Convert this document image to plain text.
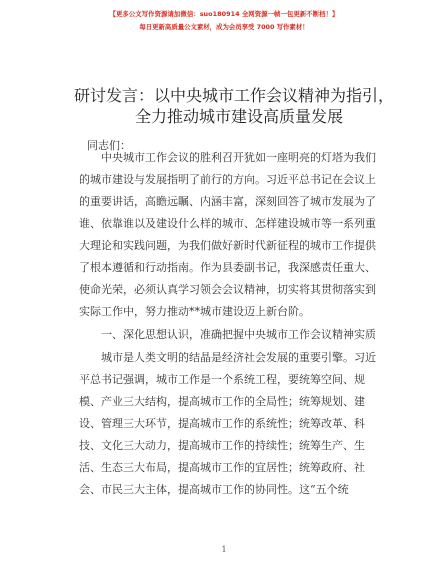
【更多公文写作资源请加微信：suo180914 全网资源一帧一包更新不断档！】
每日更新高质量公文素材，成为会员享受 7000 写作素材！
研讨发言：以中央城市工作会议精神为指引，
全力推动城市建设高质量发展
同志们：
　　中央城市工作会议的胜利召开犹如一座明亮的灯塔为我们
的城市建设与发展指明了前行的方向。习近平总书记在会议上
的重要讲话，高瞻远瞩、内涵丰富，深刻回答了城市发展为了
谁、依靠谁以及建设什么样的城市、怎样建设城市等一系列重
大理论和实践问题，为我们做好新时代新征程的城市工作提供
了根本遵循和行动指南。作为县委副书记，我深感责任重大、
使命光荣，必须认真学习领会会议精神，切实将其贯彻落实到
实际工作中，努力推动**城市建设迈上新台阶。
　　一、深化思想认识，准确把握中央城市工作会议精神实质
　　城市是人类文明的结晶是经济社会发展的重要引擎。习近
平总书记强调，城市工作是一个系统工程，要统筹空间、规
模、产业三大结构，提高城市工作的全局性；统筹规划、建
设、管理三大环节，提高城市工作的系统性；统筹改革、科
技、文化三大动力，提高城市工作的持续性；统筹生产、生
活、生态三大布局，提高城市工作的宜居性；统筹政府、社
会、市民三大主体，提高城市工作的协同性。这“五个统
1
